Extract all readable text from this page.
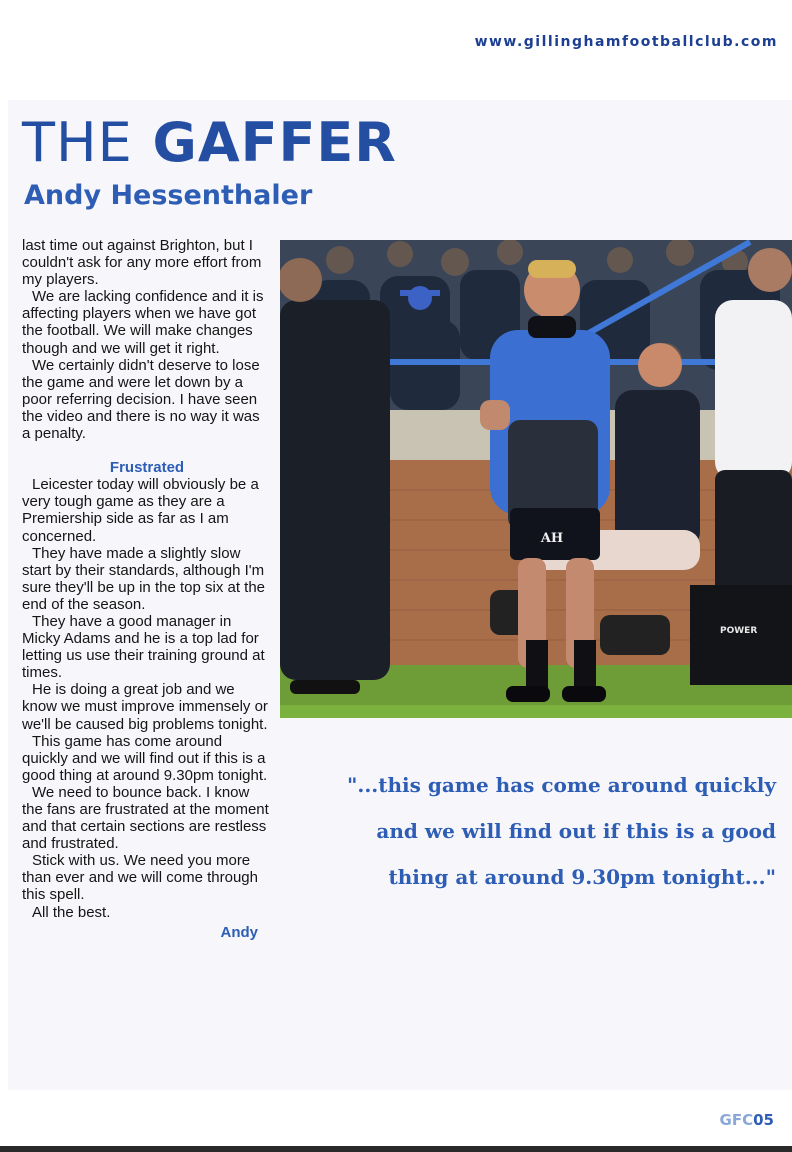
www.gillinghamfootballclub.com
THE GAFFER
Andy Hessenthaler

last time out against Brighton, but I couldn't ask for any more effort from my players.

We are lacking confidence and it is affecting players when we have got the football. We will make changes though and we will get it right.

We certainly didn't deserve to lose the game and were let down by a poor referring decision. I have seen the video and there is no way it was a penalty.

Frustrated

Leicester today will obviously be a very tough game as they are a Premiership side as far as I am concerned.

They have made a slightly slow start by their standards, although I'm sure they'll be up in the top six at the end of the season.

They have a good manager in Micky Adams and he is a top lad for letting us use their training ground at times.

He is doing a great job and we know we must improve immensely or we'll be caused big problems tonight.

This game has come around quickly and we will find out if this is a good thing at around 9.30pm tonight.

We need to bounce back. I know the fans are frustrated at the moment and that certain sections are restless and frustrated.

Stick with us. We need you more than ever and we will come through this spell.

All the best.

Andy

POWER
AH
"...this game has come around quickly
and we will find out if this is a good
thing at around 9.30pm tonight..."
GFC05
